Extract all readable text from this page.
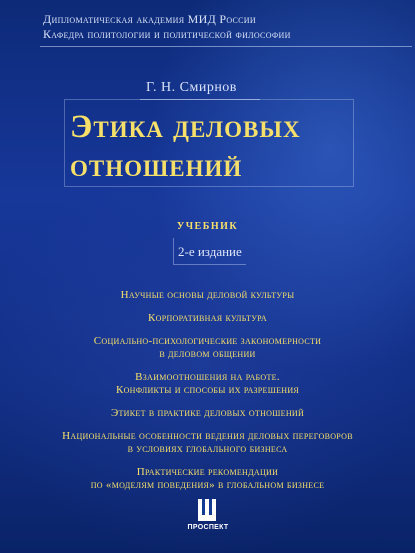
Дипломатическая академия МИД России
Кафедра политологии и политической философии
Г. Н. Смирнов
Этика деловых
отношений
учебник
2-е издание
Научные основы деловой культуры
Корпоративная культура
Социально-психологические закономерности
в деловом общении
Взаимоотношения на работе.
Конфликты и способы их разрешения
Этикет в практике деловых отношений
Национальные особенности ведения деловых переговоров
в условиях глобального бизнеса
Практические рекомендации
по «моделям поведения» в глобальном бизнесе
ПРОСПЕКТ
